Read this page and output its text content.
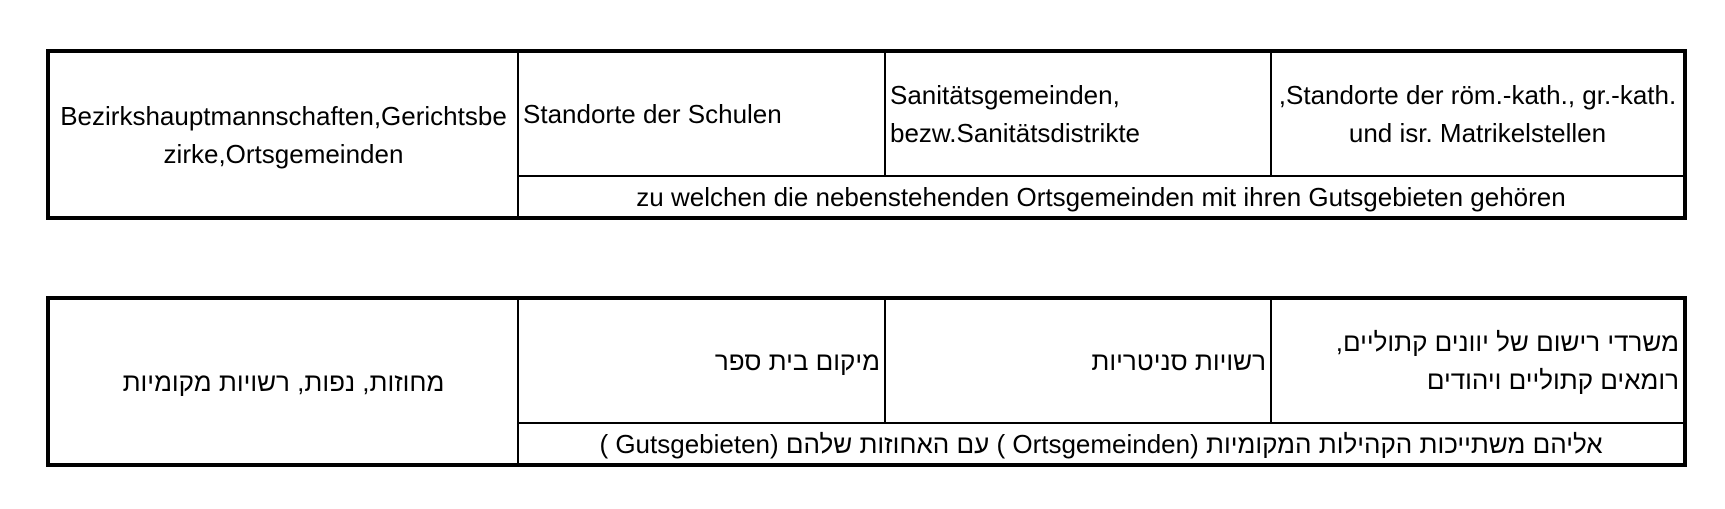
Bezirkshauptmannschaften,Gerichtsbezirke,Ortsgemeinden	Standorte der Schulen	Sanitätsgemeinden, bezw.Sanitätsdistrikte	,Standorte der röm.-kath., gr.-kath. und isr. Matrikelstellen
zu welchen die nebenstehenden Ortsgemeinden mit ihren Gutsgebieten gehören
מחוזות, נפות, רשויות מקומיות	מיקום בית ספר	רשויות סניטריות	משרדי רישום של יוונים קתוליים, רומאים קתוליים ויהודים
אליהם משתייכות הקהילות המקומיות (Ortsgemeinden ) עם האחוזות שלהם (Gutsgebieten )
